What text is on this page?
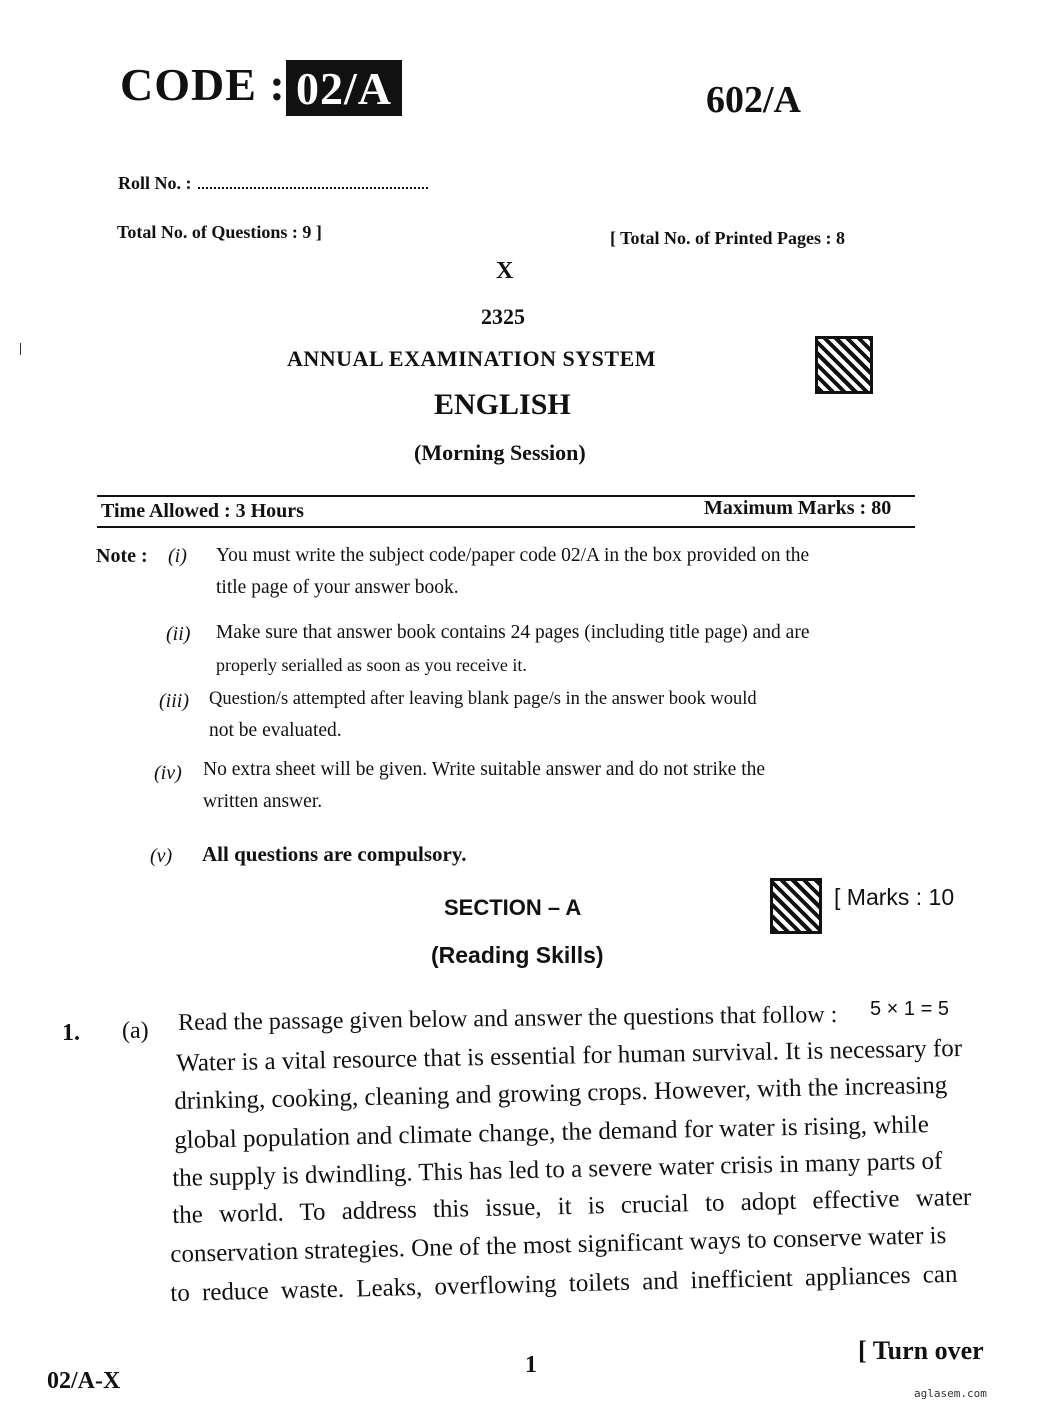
CODE : 02/A	602/A
Roll No. :
Total No. of Questions : 9 ]	[ Total No. of Printed Pages : 8
X
2325
ANNUAL EXAMINATION SYSTEM
ENGLISH
(Morning Session)
Time Allowed : 3 Hours	Maximum Marks : 80
Note : (i) You must write the subject code/paper code 02/A in the box provided on the
title page of your answer book.
(ii) Make sure that answer book contains 24 pages (including title page) and are
properly serialled as soon as you receive it.
(iii) Question/s attempted after leaving blank page/s in the answer book would
not be evaluated.
(iv) No extra sheet will be given. Write suitable answer and do not strike the
written answer.
(v) All questions are compulsory.
SECTION – A	[ Marks : 10
(Reading Skills)
1. (a) Read the passage given below and answer the questions that follow : 5 × 1 = 5
Water is a vital resource that is essential for human survival. It is necessary for
drinking, cooking, cleaning and growing crops. However, with the increasing
global population and climate change, the demand for water is rising, while
the supply is dwindling. This has led to a severe water crisis in many parts of
the world. To address this issue, it is crucial to adopt effective water
conservation strategies. One of the most significant ways to conserve water is
to reduce waste. Leaks, overflowing toilets and inefficient appliances can
02/A-X
1	[ Turn over
aglasem.com
